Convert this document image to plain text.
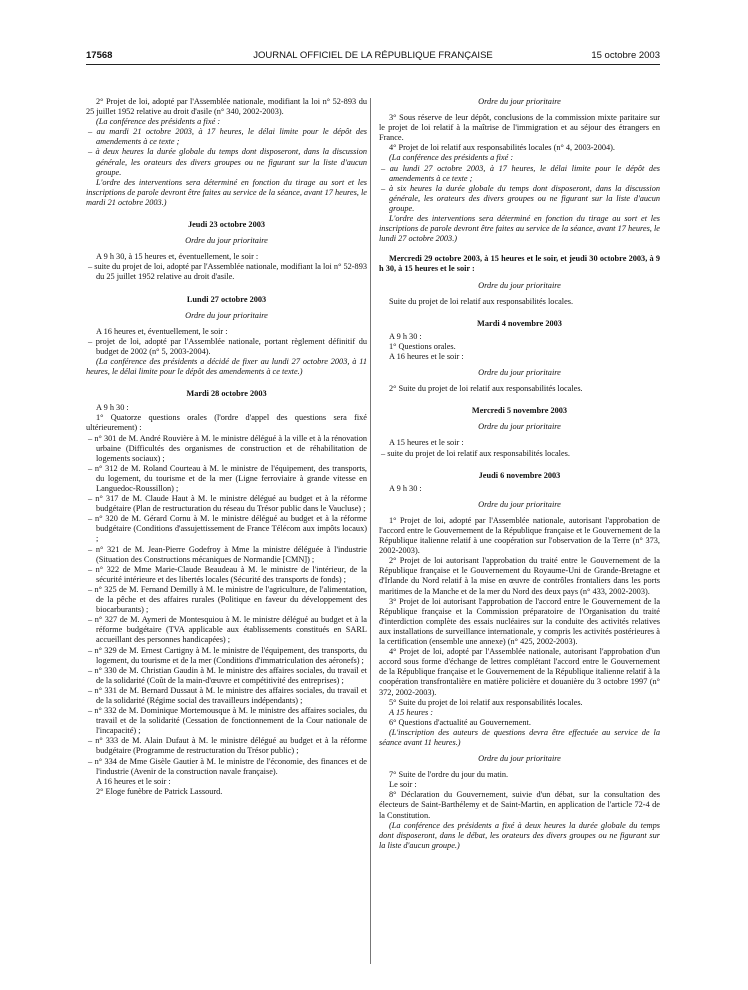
17568	JOURNAL OFFICIEL DE LA RÉPUBLIQUE FRANÇAISE	15 octobre 2003

2° Projet de loi, adopté par l'Assemblée nationale, modifiant la loi n° 52-893 du 25 juillet 1952 relative au droit d'asile (n° 340, 2002-2003).

(La conférence des présidents a fixé :

– au mardi 21 octobre 2003, à 17 heures, le délai limite pour le dépôt des amendements à ce texte ;

– à deux heures la durée globale du temps dont disposeront, dans la discussion générale, les orateurs des divers groupes ou ne figurant sur la liste d'aucun groupe.

L'ordre des interventions sera déterminé en fonction du tirage au sort et les inscriptions de parole devront être faites au service de la séance, avant 17 heures, le mardi 21 octobre 2003.)

Jeudi 23 octobre 2003

Ordre du jour prioritaire

A 9 h 30, à 15 heures et, éventuellement, le soir :

– suite du projet de loi, adopté par l'Assemblée nationale, modifiant la loi n° 52-893 du 25 juillet 1952 relative au droit d'asile.

Lundi 27 octobre 2003

Ordre du jour prioritaire

A 16 heures et, éventuellement, le soir :

– projet de loi, adopté par l'Assemblée nationale, portant règlement définitif du budget de 2002 (n° 5, 2003-2004).

(La conférence des présidents a décidé de fixer au lundi 27 octobre 2003, à 11 heures, le délai limite pour le dépôt des amendements à ce texte.)

Mardi 28 octobre 2003

A 9 h 30 :

1° Quatorze questions orales (l'ordre d'appel des questions sera fixé ultérieurement) :

– n° 301 de M. André Rouvière à M. le ministre délégué à la ville et à la rénovation urbaine (Difficultés des organismes de construction et de réhabilitation de logements sociaux) ;

– n° 312 de M. Roland Courteau à M. le ministre de l'équipement, des transports, du logement, du tourisme et de la mer (Ligne ferroviaire à grande vitesse en Languedoc-Roussillon) ;

– n° 317 de M. Claude Haut à M. le ministre délégué au budget et à la réforme budgétaire (Plan de restructuration du réseau du Trésor public dans le Vaucluse) ;

– n° 320 de M. Gérard Cornu à M. le ministre délégué au budget et à la réforme budgétaire (Conditions d'assujettissement de France Télécom aux impôts locaux) ;

– n° 321 de M. Jean-Pierre Godefroy à Mme la ministre déléguée à l'industrie (Situation des Constructions mécaniques de Normandie [CMN]) ;

– n° 322 de Mme Marie-Claude Beaudeau à M. le ministre de l'intérieur, de la sécurité intérieure et des libertés locales (Sécurité des transports de fonds) ;

– n° 325 de M. Fernand Demilly à M. le ministre de l'agriculture, de l'alimentation, de la pêche et des affaires rurales (Politique en faveur du développement des biocarburants) ;

– n° 327 de M. Aymeri de Montesquiou à M. le ministre délégué au budget et à la réforme budgétaire (TVA applicable aux établissements constitués en SARL accueillant des personnes handicapées) ;

– n° 329 de M. Ernest Cartigny à M. le ministre de l'équipement, des transports, du logement, du tourisme et de la mer (Conditions d'immatriculation des aéronefs) ;

– n° 330 de M. Christian Gaudin à M. le ministre des affaires sociales, du travail et de la solidarité (Coût de la main-d'œuvre et compétitivité des entreprises) ;

– n° 331 de M. Bernard Dussaut à M. le ministre des affaires sociales, du travail et de la solidarité (Régime social des travailleurs indépendants) ;

– n° 332 de M. Dominique Mortemousque à M. le ministre des affaires sociales, du travail et de la solidarité (Cessation de fonctionnement de la Cour nationale de l'incapacité) ;

– n° 333 de M. Alain Dufaut à M. le ministre délégué au budget et à la réforme budgétaire (Programme de restructuration du Trésor public) ;

– n° 334 de Mme Gisèle Gautier à M. le ministre de l'économie, des finances et de l'industrie (Avenir de la construction navale française).

A 16 heures et le soir :

2° Eloge funèbre de Patrick Lassourd.

Ordre du jour prioritaire

3° Sous réserve de leur dépôt, conclusions de la commission mixte paritaire sur le projet de loi relatif à la maîtrise de l'immigration et au séjour des étrangers en France.

4° Projet de loi relatif aux responsabilités locales (n° 4, 2003-2004).

(La conférence des présidents a fixé :

– au lundi 27 octobre 2003, à 17 heures, le délai limite pour le dépôt des amendements à ce texte ;

– à six heures la durée globale du temps dont disposeront, dans la discussion générale, les orateurs des divers groupes ou ne figurant sur la liste d'aucun groupe.

L'ordre des interventions sera déterminé en fonction du tirage au sort et les inscriptions de parole devront être faites au service de la séance, avant 17 heures, le lundi 27 octobre 2003.)

Mercredi 29 octobre 2003, à 15 heures et le soir, et jeudi 30 octobre 2003, à 9 h 30, à 15 heures et le soir :

Ordre du jour prioritaire

Suite du projet de loi relatif aux responsabilités locales.

Mardi 4 novembre 2003

A 9 h 30 :

1° Questions orales.

A 16 heures et le soir :

Ordre du jour prioritaire

2° Suite du projet de loi relatif aux responsabilités locales.

Mercredi 5 novembre 2003

Ordre du jour prioritaire

A 15 heures et le soir :

– suite du projet de loi relatif aux responsabilités locales.

Jeudi 6 novembre 2003

A 9 h 30 :

Ordre du jour prioritaire

1° Projet de loi, adopté par l'Assemblée nationale, autorisant l'approbation de l'accord entre le Gouvernement de la République française et le Gouvernement de la République italienne relatif à une coopération sur l'observation de la Terre (n° 373, 2002-2003).

2° Projet de loi autorisant l'approbation du traité entre le Gouvernement de la République française et le Gouvernement du Royaume-Uni de Grande-Bretagne et d'Irlande du Nord relatif à la mise en œuvre de contrôles frontaliers dans les ports maritimes de la Manche et de la mer du Nord des deux pays (n° 433, 2002-2003).

3° Projet de loi autorisant l'approbation de l'accord entre le Gouvernement de la République française et la Commission préparatoire de l'Organisation du traité d'interdiction complète des essais nucléaires sur la conduite des activités relatives aux installations de surveillance internationale, y compris les activités postérieures à la certification (ensemble une annexe) (n° 425, 2002-2003).

4° Projet de loi, adopté par l'Assemblée nationale, autorisant l'approbation d'un accord sous forme d'échange de lettres complétant l'accord entre le Gouvernement de la République française et le Gouvernement de la République italienne relatif à la coopération transfrontalière en matière policière et douanière du 3 octobre 1997 (n° 372, 2002-2003).

5° Suite du projet de loi relatif aux responsabilités locales.

A 15 heures :

6° Questions d'actualité au Gouvernement.

(L'inscription des auteurs de questions devra être effectuée au service de la séance avant 11 heures.)

Ordre du jour prioritaire

7° Suite de l'ordre du jour du matin.

Le soir :

8° Déclaration du Gouvernement, suivie d'un débat, sur la consultation des électeurs de Saint-Barthélemy et de Saint-Martin, en application de l'article 72-4 de la Constitution.

(La conférence des présidents a fixé à deux heures la durée globale du temps dont disposeront, dans le débat, les orateurs des divers groupes ou ne figurant sur la liste d'aucun groupe.)
